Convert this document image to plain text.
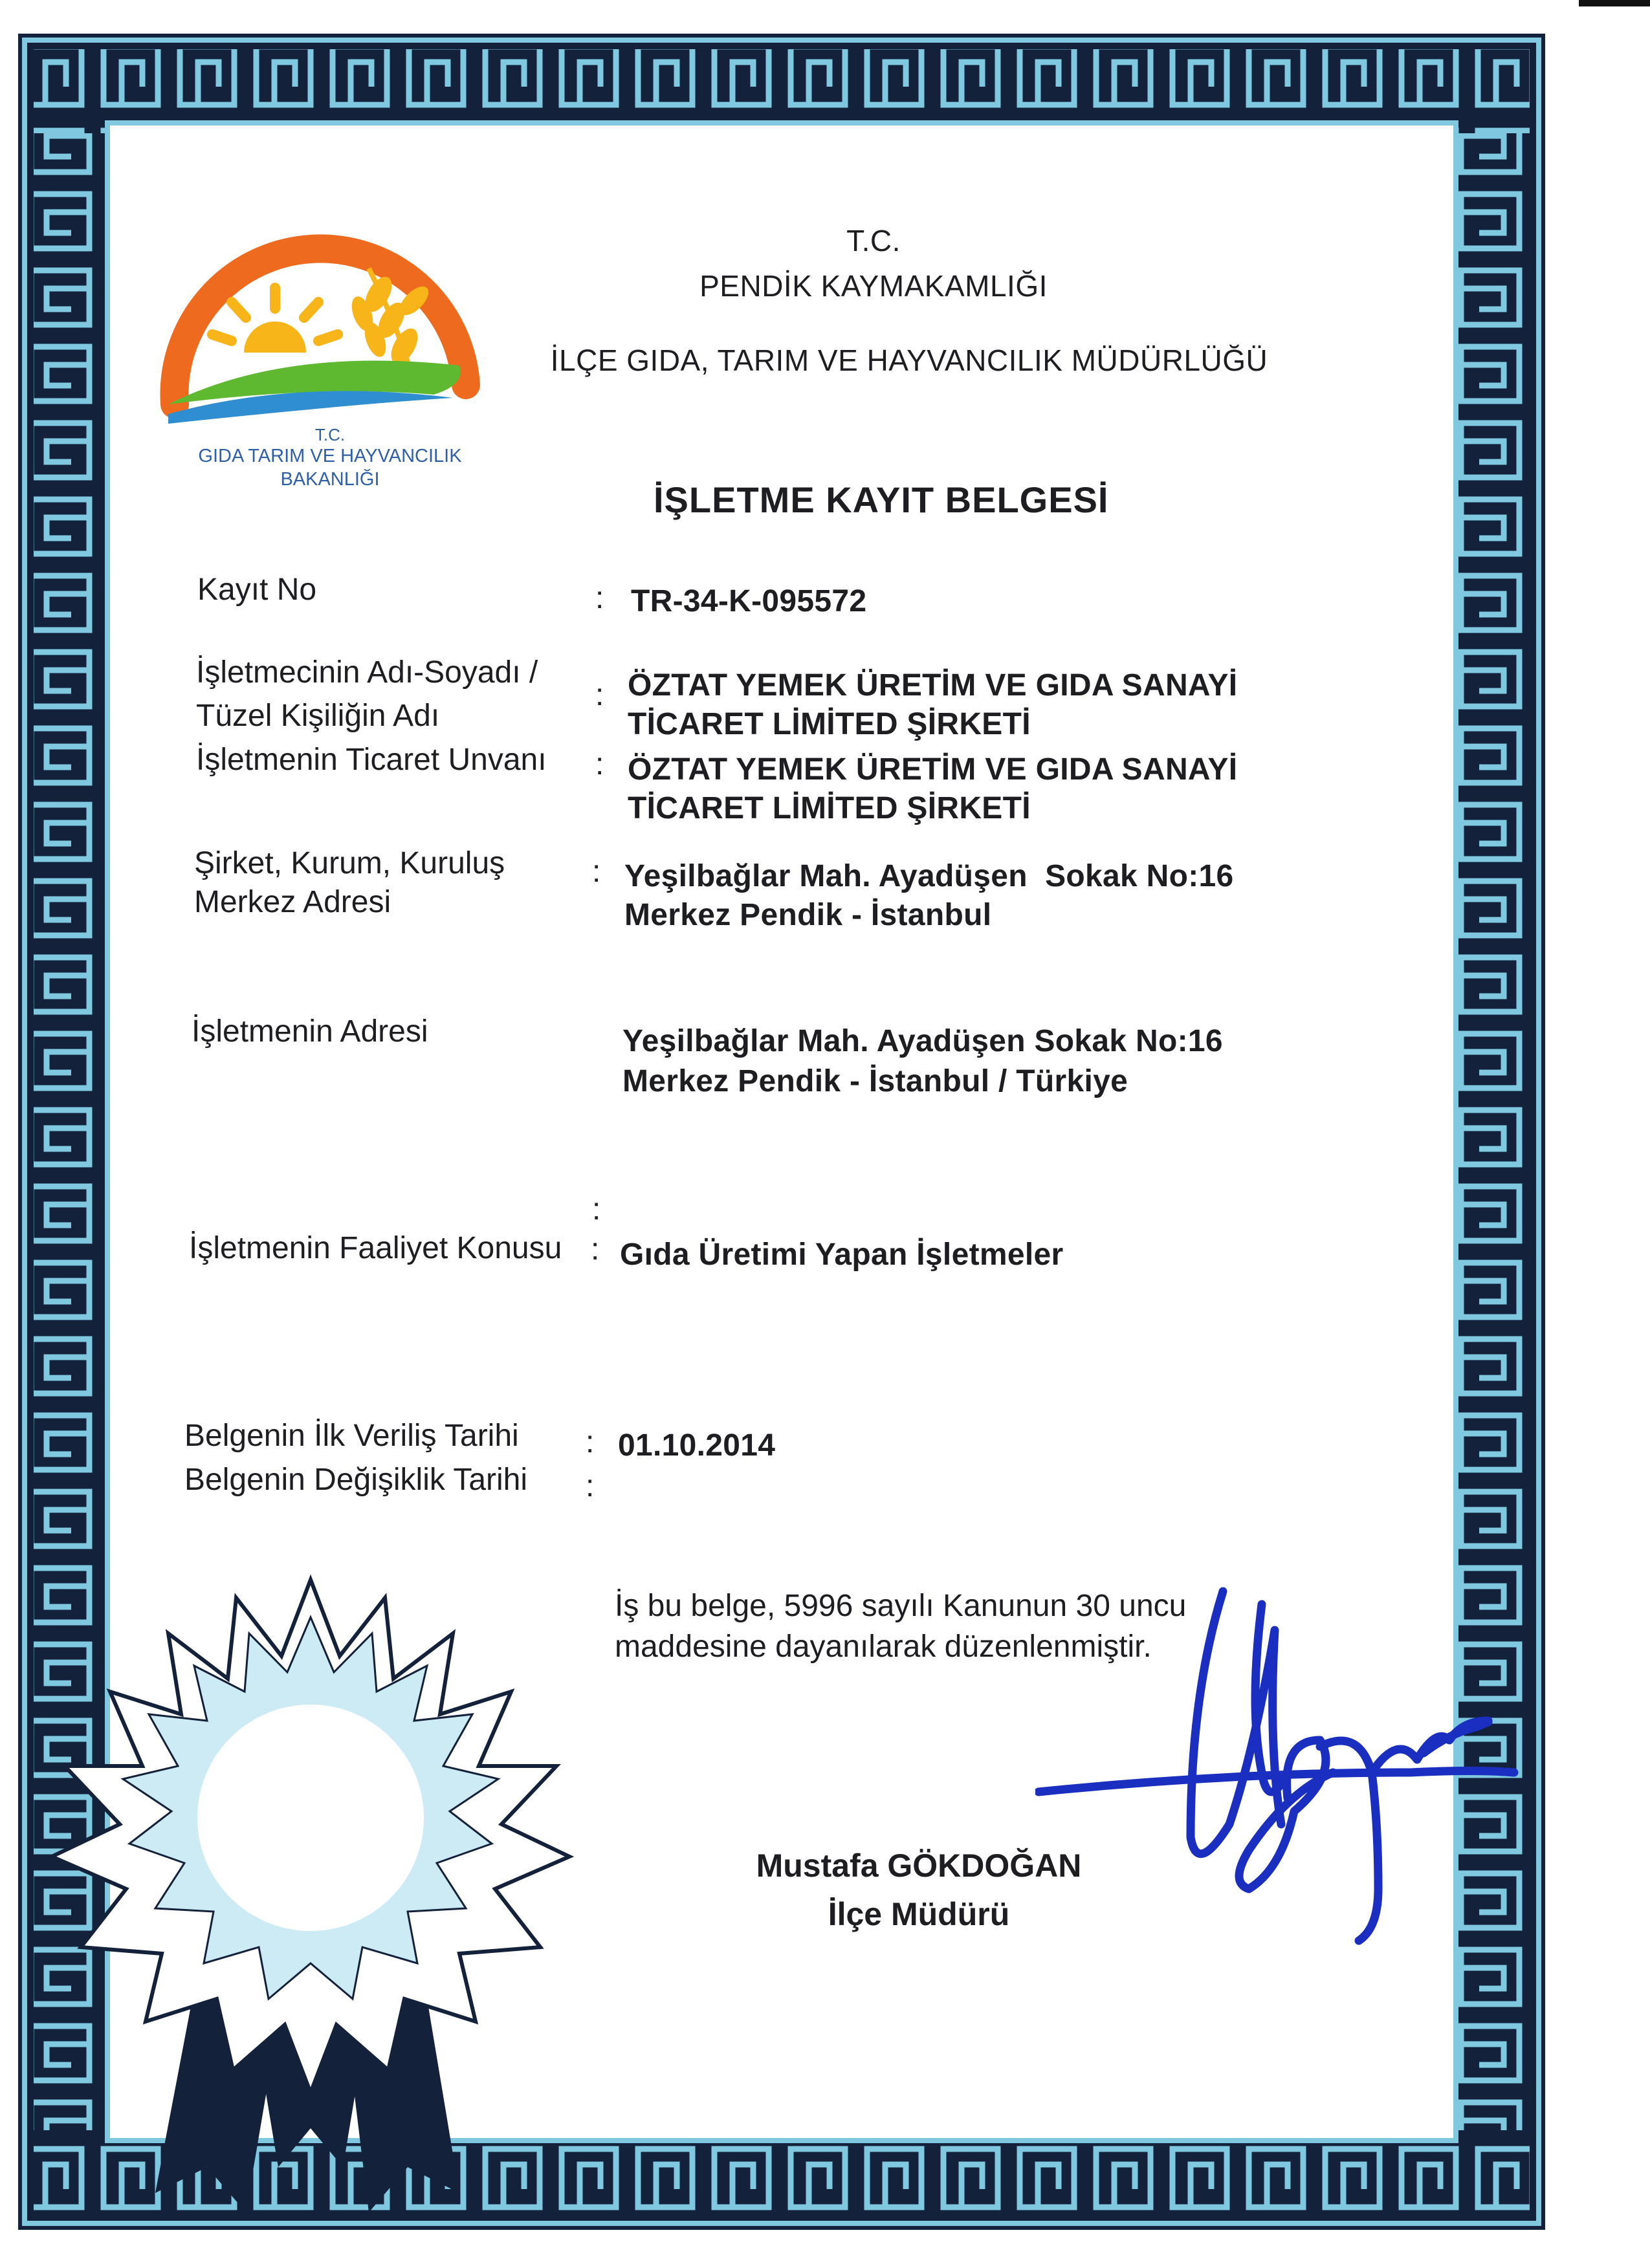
T.C.
GIDA TARIM VE HAYVANCILIK
BAKANLIĞI
T.C.
PENDİK KAYMAKAMLIĞI
İLÇE GIDA, TARIM VE HAYVANCILIK MÜDÜRLÜĞÜ
İŞLETME KAYIT BELGESİ
Kayıt No	: TR-34-K-095572
İşletmecinin Adı-Soyadı /
Tüzel Kişiliğin Adı
: ÖZTAT YEMEK ÜRETİM VE GIDA SANAYİ
TİCARET LİMİTED ŞİRKETİ
İşletmenin Ticaret Unvanı : ÖZTAT YEMEK ÜRETİM VE GIDA SANAYİ
TİCARET LİMİTED ŞİRKETİ
Şirket, Kurum, Kuruluş
Merkez Adresi
: Yeşilbağlar Mah. Ayadüşen  Sokak No:16
Merkez Pendik - İstanbul
İşletmenin Adresi	Yeşilbağlar Mah. Ayadüşen Sokak No:16
Merkez Pendik - İstanbul / Türkiye
:
İşletmenin Faaliyet Konusu : Gıda Üretimi Yapan İşletmeler
Belgenin İlk Veriliş Tarihi : 01.10.2014
Belgenin Değişiklik Tarihi :
İş bu belge, 5996 sayılı Kanunun 30 uncu
maddesine dayanılarak düzenlenmiştir.
Mustafa GÖKDOĞAN
İlçe Müdürü
